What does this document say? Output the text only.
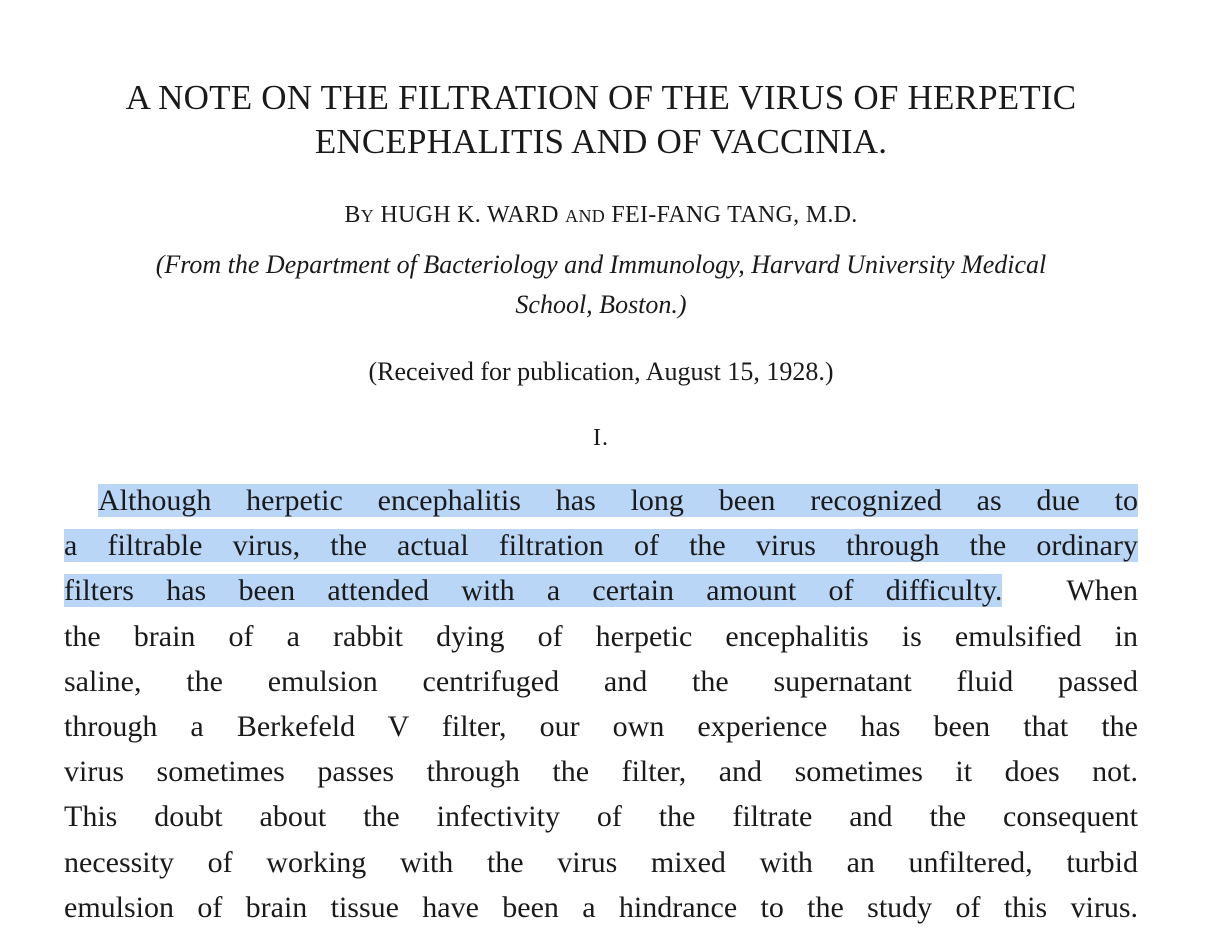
A NOTE ON THE FILTRATION OF THE VIRUS OF HERPETIC
ENCEPHALITIS AND OF VACCINIA.
BY HUGH K. WARD AND FEI-FANG TANG, M.D.
(From the Department of Bacteriology and Immunology, Harvard University Medical
School, Boston.)
(Received for publication, August 15, 1928.)
I.
Although herpetic encephalitis has long been recognized as due to
a filtrable virus, the actual filtration of the virus through the ordinary
filters has been attended with a certain amount of difficulty.  When
the brain of a rabbit dying of herpetic encephalitis is emulsified in
saline, the emulsion centrifuged and the supernatant fluid passed
through a Berkefeld V filter, our own experience has been that the
virus sometimes passes through the filter, and sometimes it does not.
This doubt about the infectivity of the filtrate and the consequent
necessity of working with the virus mixed with an unfiltered, turbid
emulsion of brain tissue have been a hindrance to the study of this virus.
